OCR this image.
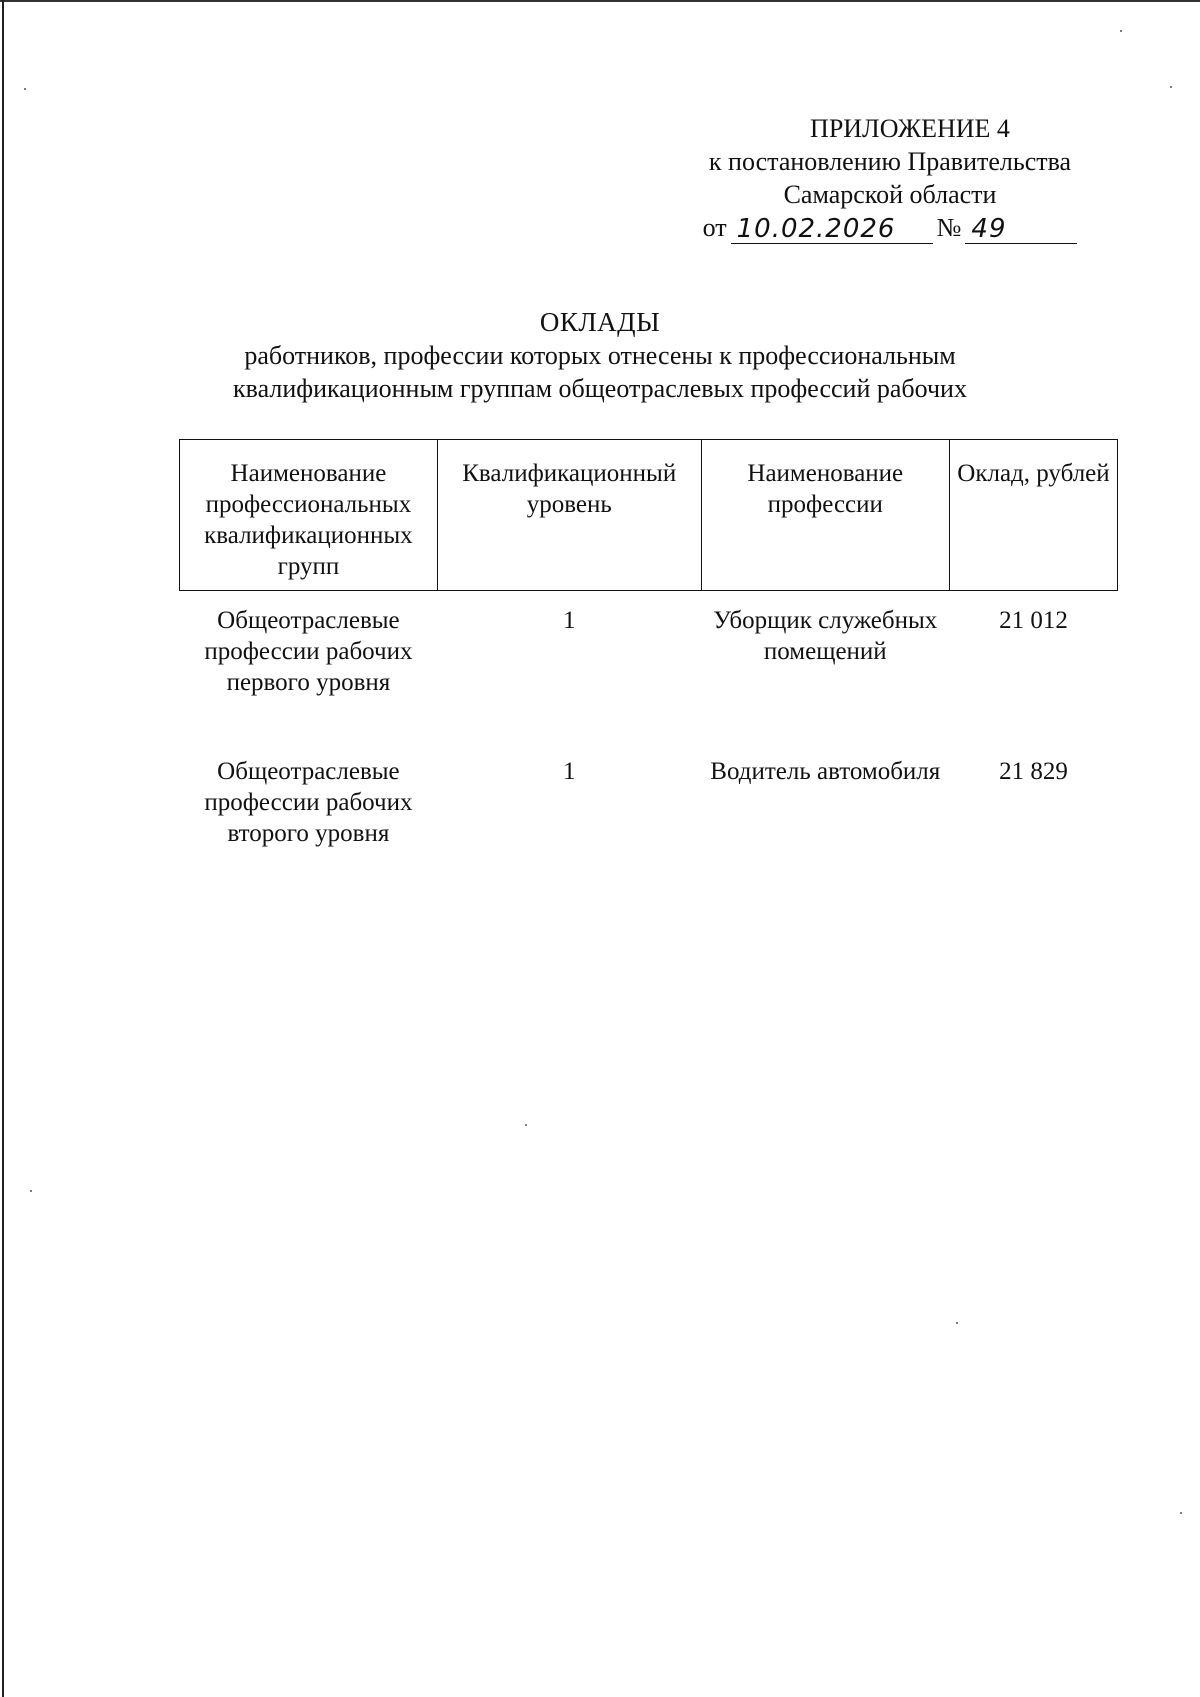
ПРИЛОЖЕНИЕ 4
к постановлению Правительства
Самарской области
от 10.02.2026	№ 49
ОКЛАДЫ
работников, профессии которых отнесены к профессиональным
квалификационным группам общеотраслевых профессий рабочих
Наименование профессиональных квалификационных групп	Квалификационный уровень	Наименование профессии	Оклад, рублей
Общеотраслевые профессии рабочих первого уровня	1	Уборщик служебных помещений	21 012
Общеотраслевые профессии рабочих второго уровня	1	Водитель автомобиля	21 829
